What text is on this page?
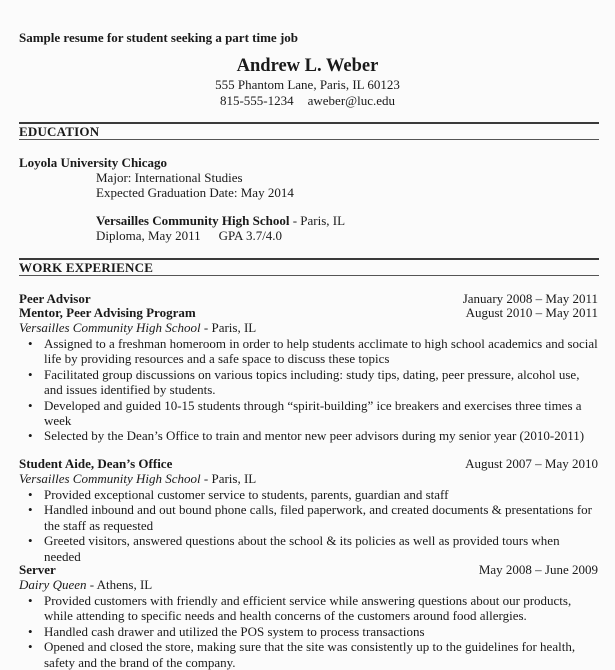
Sample resume for student seeking a part time job
Andrew L. Weber
555 Phantom Lane, Paris, IL 60123
815-555-1234 aweber@luc.edu
EDUCATION
Loyola University Chicago
Major: International Studies
Expected Graduation Date: May 2014
Versailles Community High School - Paris, IL
Diploma, May 2011 GPA 3.7/4.0
WORK EXPERIENCE
Peer Advisor	January 2008 – May 2011
Mentor, Peer Advising Program	August 2010 – May 2011
Versailles Community High School - Paris, IL
• Assigned to a freshman homeroom in order to help students acclimate to high school academics and social life by providing resources and a safe space to discuss these topics
• Facilitated group discussions on various topics including: study tips, dating, peer pressure, alcohol use, and issues identified by students.
• Developed and guided 10-15 students through “spirit-building” ice breakers and exercises three times a week
• Selected by the Dean’s Office to train and mentor new peer advisors during my senior year (2010-2011)
Student Aide, Dean’s Office	August 2007 – May 2010
Versailles Community High School - Paris, IL
• Provided exceptional customer service to students, parents, guardian and staff
• Handled inbound and out bound phone calls, filed paperwork, and created documents & presentations for the staff as requested
• Greeted visitors, answered questions about the school & its policies as well as provided tours when needed
Server	May 2008 – June 2009
Dairy Queen - Athens, IL
• Provided customers with friendly and efficient service while answering questions about our products, while attending to specific needs and health concerns of the customers around food allergies.
• Handled cash drawer and utilized the POS system to process transactions
• Opened and closed the store, making sure that the site was consistently up to the guidelines for health, safety and the brand of the company.
